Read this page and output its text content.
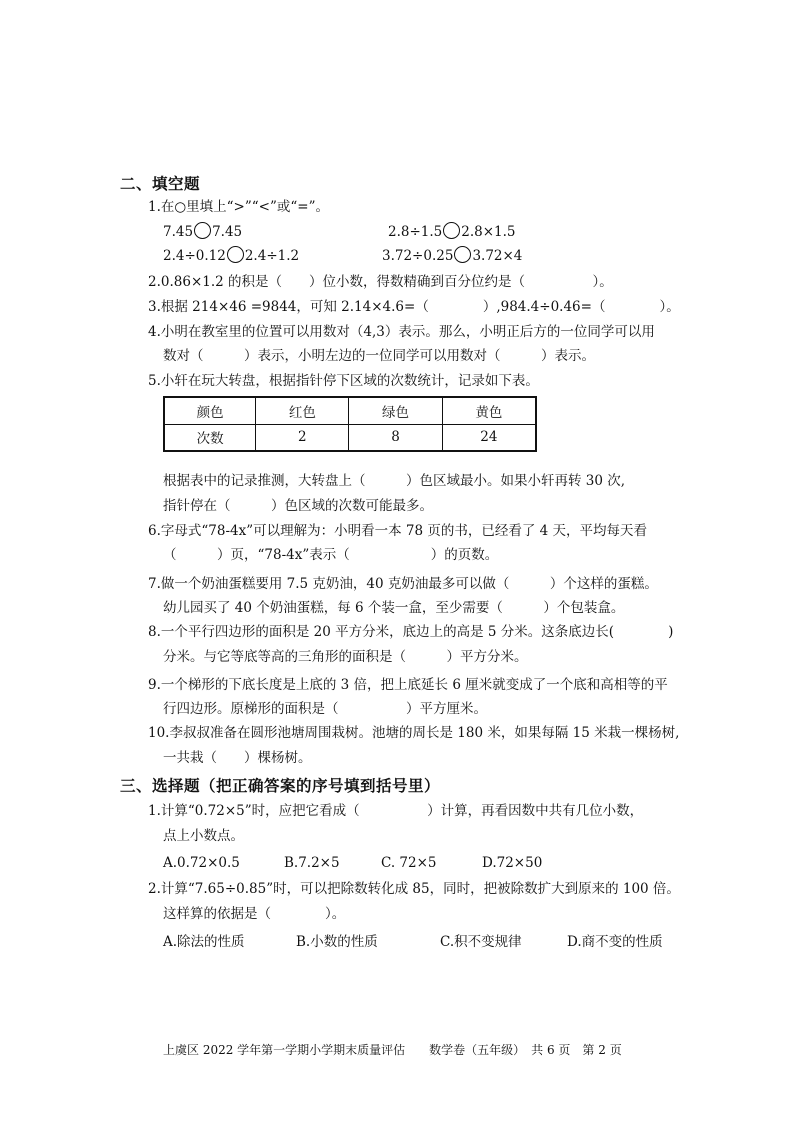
二、填空题
1.在○里填上“>”“<”或“=”。
7.45 7.45	2.8÷1.5 2.8×1.5
2.4÷0.12 2.4÷1.2	3.72÷0.25 3.72×4
2.0.86×1.2 的积是（　　）位小数，得数精确到百分位约是（　　　　　）。
3.根据 214×46 =9844，可知 2.14×4.6=（　　　　）,984.4÷0.46=（　　　　）。
4.小明在教室里的位置可以用数对（4,3）表示。那么，小明正后方的一位同学可以用
数对（　　　）表示，小明左边的一位同学可以用数对（　　　）表示。
5.小轩在玩大转盘，根据指针停下区域的次数统计，记录如下表。
颜色	红色	绿色	黄色
次数	2	8	24
根据表中的记录推测，大转盘上（　　　）色区域最小。如果小轩再转 30 次,
指针停在（　　　）色区域的次数可能最多。
6.字母式“78-4x”可以理解为：小明看一本 78 页的书，已经看了 4 天，平均每天看
（　　　）页，“78-4x”表示（　　　　　　）的页数。
7.做一个奶油蛋糕要用 7.5 克奶油，40 克奶油最多可以做（　　　）个这样的蛋糕。
幼儿园买了 40 个奶油蛋糕，每 6 个装一盒，至少需要（　　　）个包装盒。
8.一个平行四边形的面积是 20 平方分米，底边上的高是 5 分米。这条底边长(　　　　)
分米。与它等底等高的三角形的面积是（　　　）平方分米。
9.一个梯形的下底长度是上底的 3 倍，把上底延长 6 厘米就变成了一个底和高相等的平
行四边形。原梯形的面积是（　　　　　）平方厘米。
10.李叔叔准备在圆形池塘周围栽树。池塘的周长是 180 米，如果每隔 15 米栽一棵杨树,
一共栽（　　）棵杨树。
三、选择题（把正确答案的序号填到括号里）
1.计算“0.72×5”时，应把它看成（　　　　　）计算，再看因数中共有几位小数，
点上小数点。
A.0.72×0.5	B.7.2×5	C. 72×5	D.72×50
2.计算“7.65÷0.85”时，可以把除数转化成 85，同时，把被除数扩大到原来的 100 倍。
这样算的依据是（　　　　）。
A.除法的性质	B.小数的性质	C.积不变规律	D.商不变的性质
上虞区 2022 学年第一学期小学期末质量评估　　数学卷（五年级）　共 6 页　第 2 页
